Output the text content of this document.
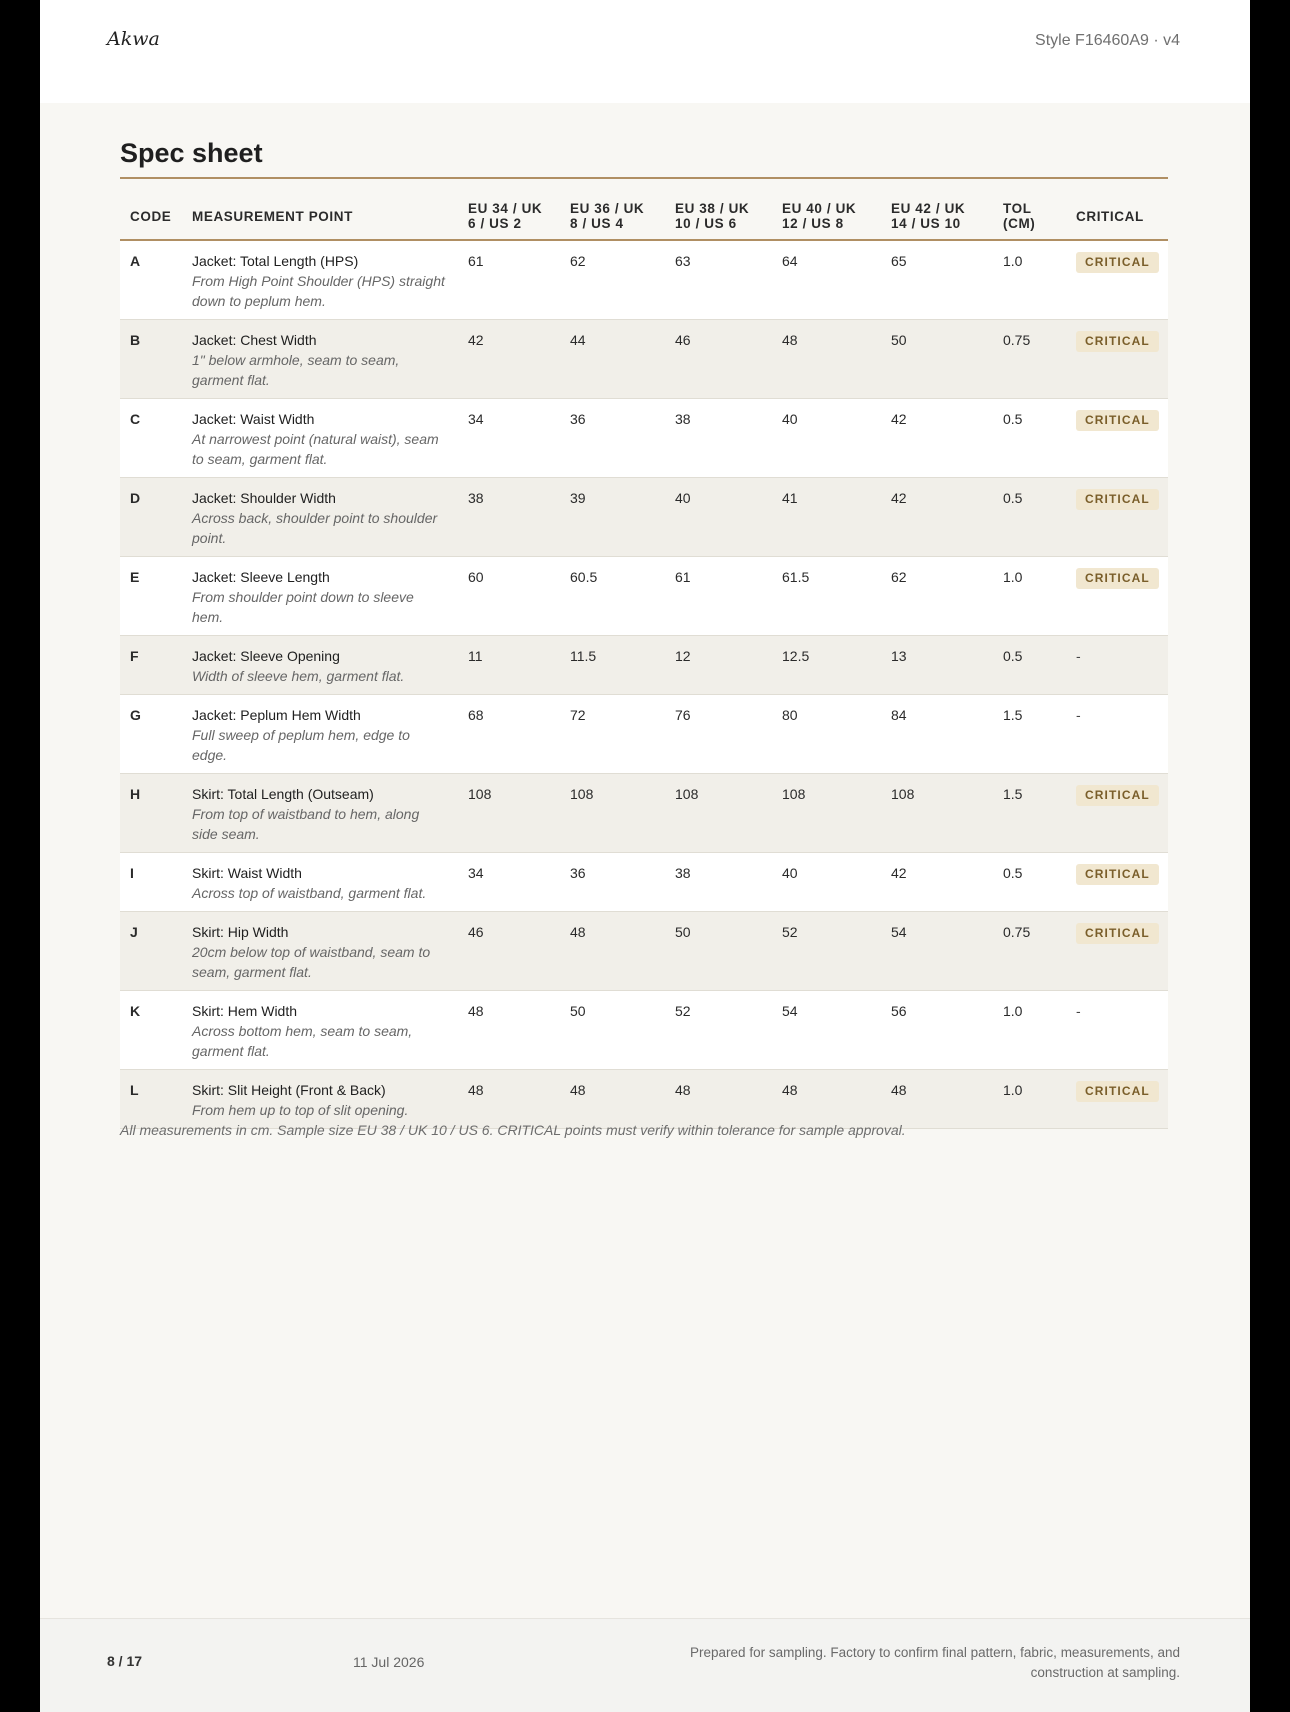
Akwa	Style F16460A9 · v4
Spec sheet
CODE	MEASUREMENT POINT	EU 34 / UK 6 / US 2	EU 36 / UK 8 / US 4	EU 38 / UK 10 / US 6	EU 40 / UK 12 / US 8	EU 42 / UK 14 / US 10	TOL (CM)	CRITICAL
A	Jacket: Total Length (HPS)
From High Point Shoulder (HPS) straight down to peplum hem.	61	62	63	64	65	1.0	CRITICAL
B	Jacket: Chest Width
1" below armhole, seam to seam, garment flat.	42	44	46	48	50	0.75	CRITICAL
C	Jacket: Waist Width
At narrowest point (natural waist), seam to seam, garment flat.	34	36	38	40	42	0.5	CRITICAL
D	Jacket: Shoulder Width
Across back, shoulder point to shoulder point.	38	39	40	41	42	0.5	CRITICAL
E	Jacket: Sleeve Length
From shoulder point down to sleeve hem.	60	60.5	61	61.5	62	1.0	CRITICAL
F	Jacket: Sleeve Opening
Width of sleeve hem, garment flat.	11	11.5	12	12.5	13	0.5	-
G	Jacket: Peplum Hem Width
Full sweep of peplum hem, edge to edge.	68	72	76	80	84	1.5	-
H	Skirt: Total Length (Outseam)
From top of waistband to hem, along side seam.	108	108	108	108	108	1.5	CRITICAL
I	Skirt: Waist Width
Across top of waistband, garment flat.	34	36	38	40	42	0.5	CRITICAL
J	Skirt: Hip Width
20cm below top of waistband, seam to seam, garment flat.	46	48	50	52	54	0.75	CRITICAL
K	Skirt: Hem Width
Across bottom hem, seam to seam, garment flat.	48	50	52	54	56	1.0	-
L	Skirt: Slit Height (Front & Back)
From hem up to top of slit opening.	48	48	48	48	48	1.0	CRITICAL
All measurements in cm. Sample size EU 38 / UK 10 / US 6. CRITICAL points must verify within tolerance for sample approval.
8 / 17	11 Jul 2026
Prepared for sampling. Factory to confirm final pattern, fabric, measurements, and construction at sampling.
